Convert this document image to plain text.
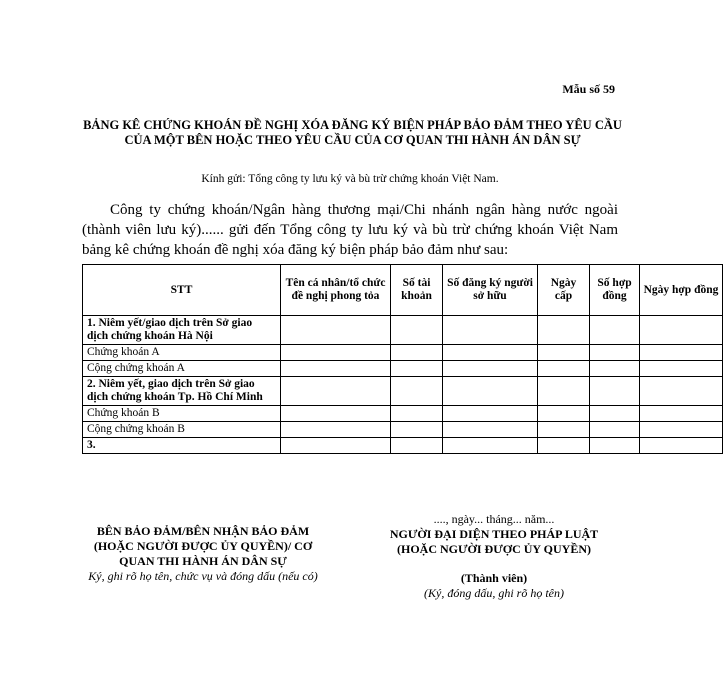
Mẫu số 59
BẢNG KÊ CHỨNG KHOÁN ĐỀ NGHỊ XÓA ĐĂNG KÝ BIỆN PHÁP BẢO ĐẢM THEO YÊU CẦU CỦA MỘT BÊN HOẶC THEO YÊU CẦU CỦA CƠ QUAN THI HÀNH ÁN DÂN SỰ
Kính gửi: Tổng công ty lưu ký và bù trừ chứng khoán Việt Nam.
Công ty chứng khoán/Ngân hàng thương mại/Chi nhánh ngân hàng nước ngoài (thành viên lưu ký)...... gửi đến Tổng công ty lưu ký và bù trừ chứng khoán Việt Nam bảng kê chứng khoán đề nghị xóa đăng ký biện pháp bảo đảm như sau:
STT	Tên cá nhân/tổ chức đề nghị phong tỏa	Số tài khoản	Số đăng ký người sở hữu	Ngày cấp	Số hợp đồng	Ngày hợp đồng
1. Niêm yết/giao dịch trên Sở giao dịch chứng khoán Hà Nội						
Chứng khoán A						
Cộng chứng khoán A						
2. Niêm yết, giao dịch trên Sở giao dịch chứng khoán Tp. Hồ Chí Minh						
Chứng khoán B						
Cộng chứng khoán B						
3.						
BÊN BẢO ĐẢM/BÊN NHẬN BẢO ĐẢM
(HOẶC NGƯỜI ĐƯỢC ỦY QUYỀN)/ CƠ QUAN THI HÀNH ÁN DÂN SỰ
Ký, ghi rõ họ tên, chức vụ và đóng dấu (nếu có)
...., ngày... tháng... năm...
NGƯỜI ĐẠI DIỆN THEO PHÁP LUẬT
(HOẶC NGƯỜI ĐƯỢC ỦY QUYỀN)
(Thành viên)
(Ký, đóng dấu, ghi rõ họ tên)
